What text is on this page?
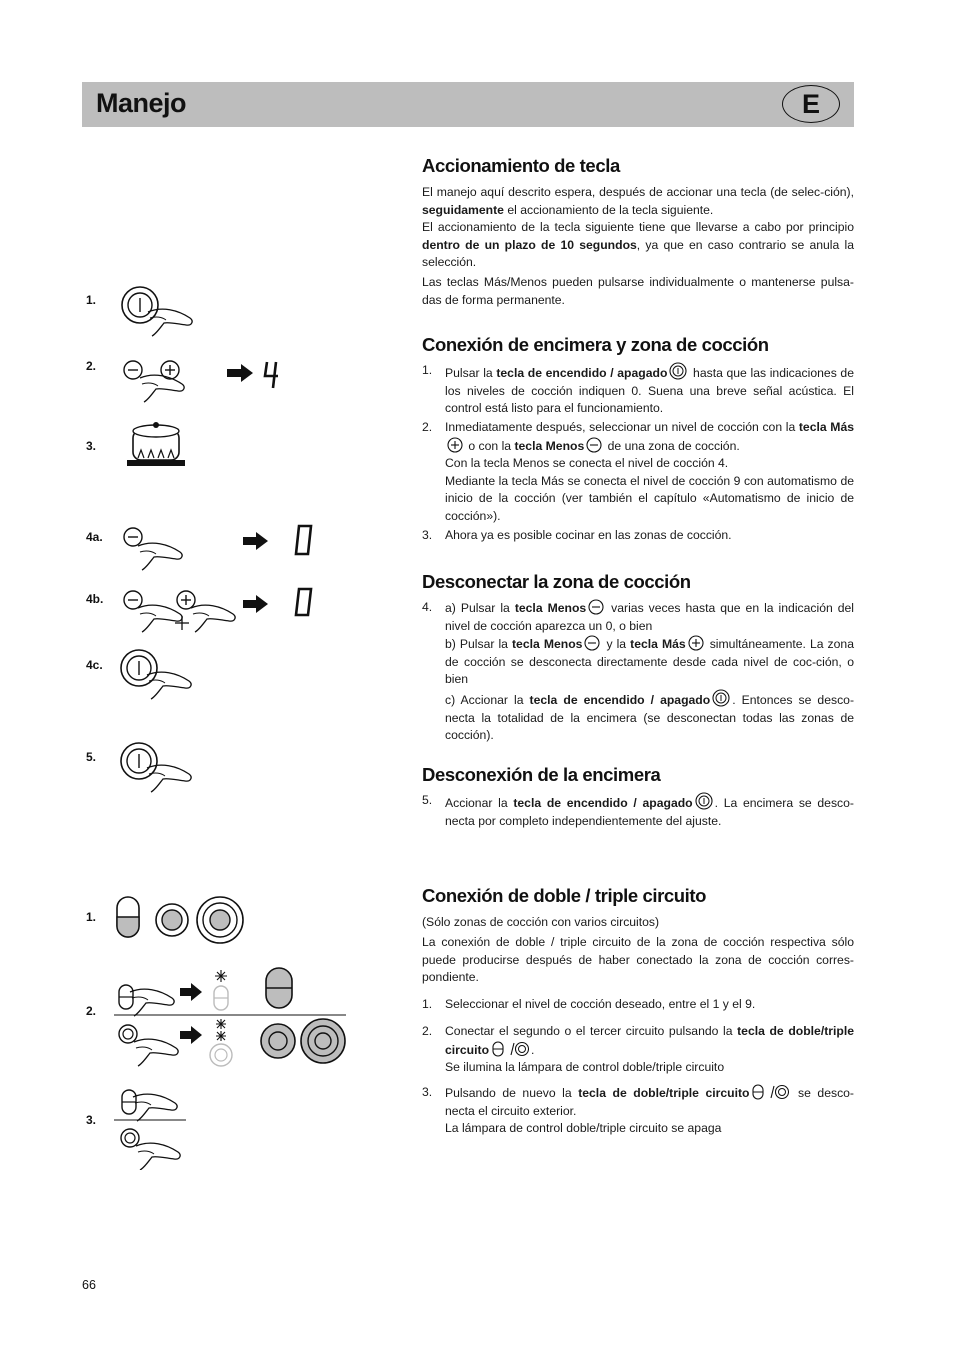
Manejo	E
1.
2.
3.
4a.
4b.
4c.
5.
1.
2.
3.
Accionamiento de tecla

El manejo aquí descrito espera, después de accionar una tecla (de selec-ción), seguidamente el accionamiento de la tecla siguiente.

El accionamiento de la tecla siguiente tiene que llevarse a cabo por principio dentro de un plazo de 10 segundos, ya que en caso contrario se anula la selección.

Las teclas Más/Menos pueden pulsarse individualmente o mantenerse pulsa-das de forma permanente.

Conexión de encimera y zona de cocción
1.	Pulsar la tecla de encendido / apagado hasta que las indicaciones de los niveles de cocción indiquen 0. Suena una breve señal acústica. El control está listo para el funcionamiento.
2.	Inmediatamente después, seleccionar un nivel de cocción con la tecla Más o con la tecla Menos de una zona de cocción.
Con la tecla Menos se conecta el nivel de cocción 4.
Mediante la tecla Más se conecta el nivel de cocción 9 con automatismo de inicio de la cocción (ver también el capítulo «Automatismo de inicio de cocción»).
3.	Ahora ya es posible cocinar en las zonas de cocción.
Desconectar la zona de cocción
4.	a) Pulsar la tecla Menos varias veces hasta que en la indicación del nivel de cocción aparezca un 0, o bien
b) Pulsar la tecla Menos y la tecla Más simultáneamente. La zona de cocción se desconecta directamente desde cada nivel de coc-ción, o bien
c) Accionar la tecla de encendido / apagado . Entonces se desco-necta la totalidad de la encimera (se desconectan todas las zonas de cocción).
Desconexión de la encimera
5.	Accionar la tecla de encendido / apagado . La encimera se desco-necta por completo independientemente del ajuste.
Conexión de doble / triple circuito

(Sólo zonas de cocción con varios circuitos)

La conexión de doble / triple circuito de la zona de cocción respectiva sólo puede producirse después de haber conectado la zona de cocción corres-pondiente.

1.	Seleccionar el nivel de cocción deseado, entre el 1 y el 9.
2.	Conectar el segundo o el tercer circuito pulsando la tecla de doble/triple circuito	.
Se ilumina la lámpara de control doble/triple circuito
3.	Pulsando de nuevo la tecla de doble/triple circuito	se desco-necta el circuito exterior.
La lámpara de control doble/triple circuito se apaga
66
